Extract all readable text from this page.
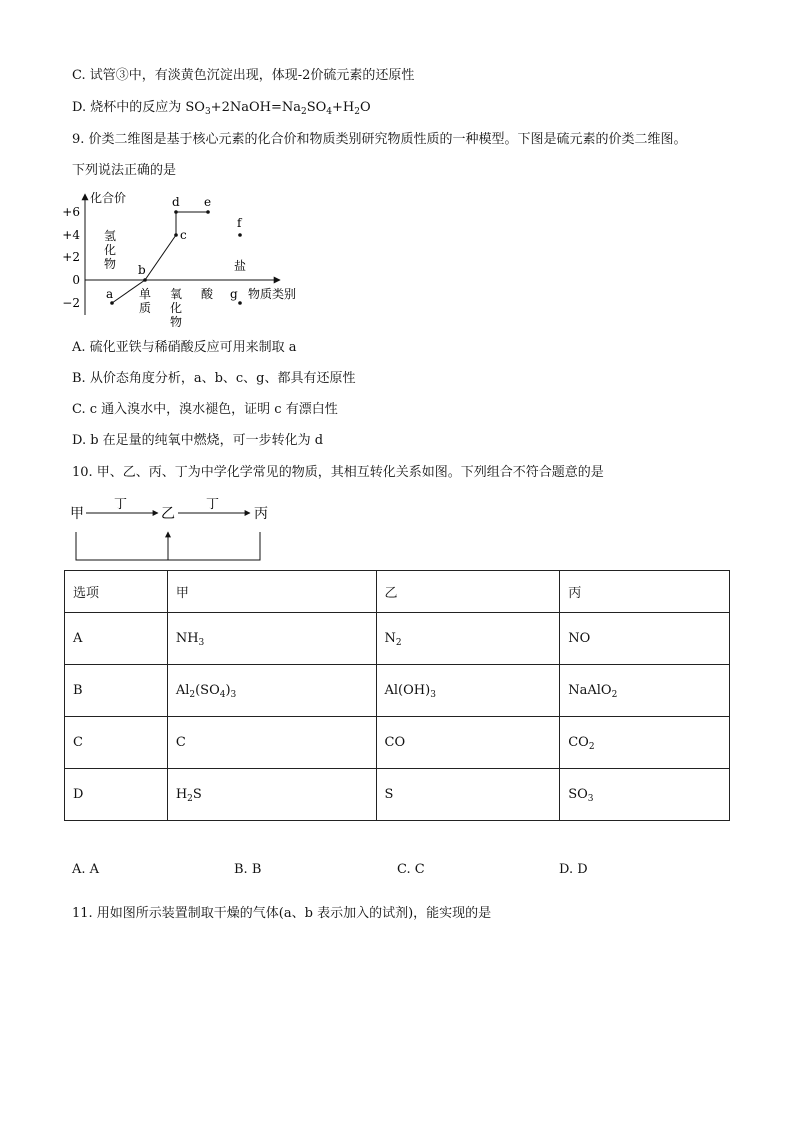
C. 试管③中，有淡黄色沉淀出现，体现-2价硫元素的还原性
D. 烧杯中的反应为 $SO_3+2NaOH=Na_2SO_4+H_2O$
9. 价类二维图是基于核心元素的化合价和物质类别研究物质性质的一种模型。下图是硫元素的价类二维图。
下列说法正确的是
化合价
物质类别
+6
+4
+2
0
−2
氢化物
单质
氧化物
酸
盐
a
b
c
d e
f
g
A. 硫化亚铁与稀硝酸反应可用来制取 a
B. 从价态角度分析，a、b、c、g、都具有还原性
C. c 通入溴水中，溴水褪色，证明 c 有漂白性
D. b 在足量的纯氧中燃烧，可一步转化为 d
10. 甲、乙、丙、丁为中学化学常见的物质，其相互转化关系如图。下列组合不符合题意的是
甲	乙	丙
丁	丁
选项	甲	乙	丙
A	$NH_3$	$N_2$	NO
B	$Al_2(SO_4)_3$	$Al(OH)_3$	NaAlO$_2$
C	C	CO	$CO_2$
D	$H_2S$	S	$SO_3$
A. A	B. B	C. C	D. D
11. 用如图所示装置制取干燥的气体(a、b 表示加入的试剂)，能实现的是
